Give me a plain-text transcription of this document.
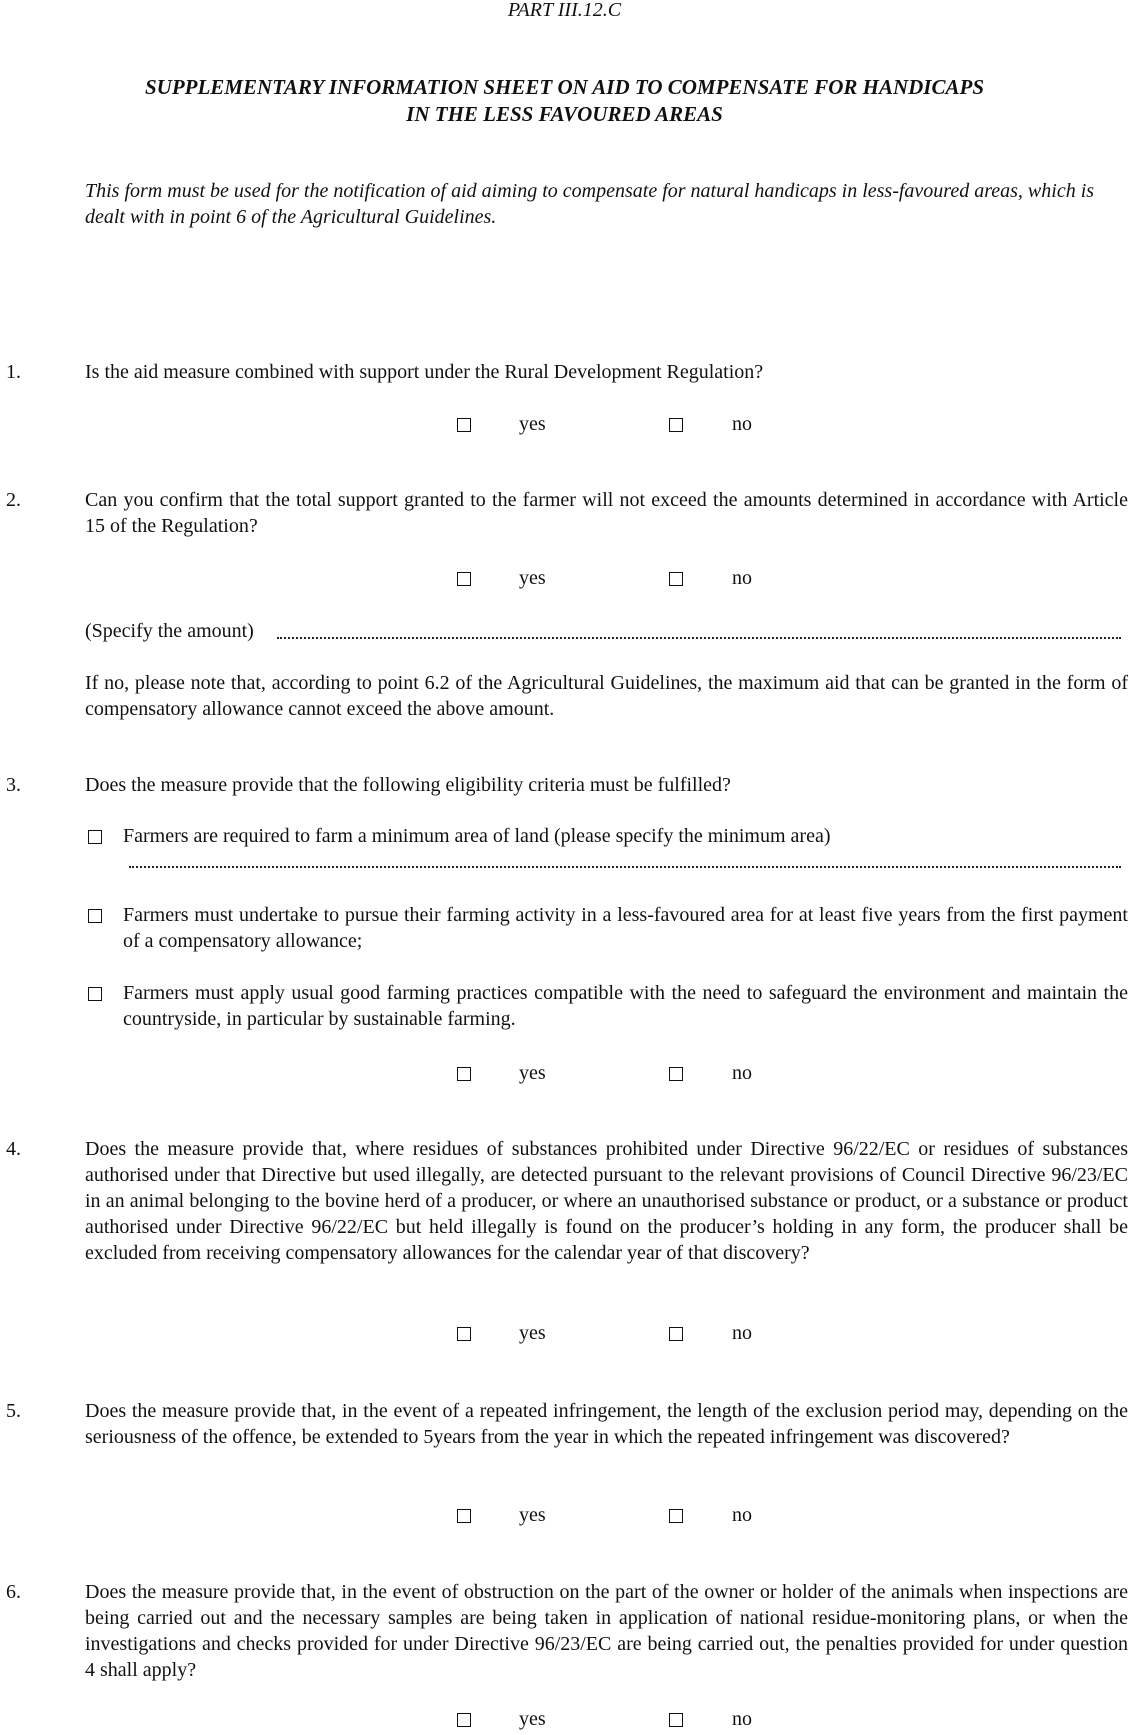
PART III.12.C
SUPPLEMENTARY INFORMATION SHEET ON AID TO COMPENSATE FOR HANDICAPS
IN THE LESS FAVOURED AREAS
This form must be used for the notification of aid aiming to compensate for natural handicaps in less-favoured areas, which is dealt with in point 6 of the Agricultural Guidelines.
1.	Is the aid measure combined with support under the Rural Development Regulation?
yes	no
2.	Can you confirm that the total support granted to the farmer will not exceed the amounts determined in accordance with Article 15 of the Regulation?
yes	no
(Specify the amount)
If no, please note that, according to point 6.2 of the Agricultural Guidelines, the maximum aid that can be granted in the form of compensatory allowance cannot exceed the above amount.
3.	Does the measure provide that the following eligibility criteria must be fulfilled?
Farmers are required to farm a minimum area of land (please specify the minimum area)
Farmers must undertake to pursue their farming activity in a less-favoured area for at least five years from the first payment of a compensatory allowance;
Farmers must apply usual good farming practices compatible with the need to safeguard the environment and maintain the countryside, in particular by sustainable farming.
yes	no
4.	Does the measure provide that, where residues of substances prohibited under Directive 96/22/EC or residues of substances authorised under that Directive but used illegally, are detected pursuant to the relevant provisions of Council Directive 96/23/EC in an animal belonging to the bovine herd of a producer, or where an unauthorised substance or product, or a substance or product authorised under Directive 96/22/EC but held illegally is found on the producer’s holding in any form, the producer shall be excluded from receiving compensatory allowances for the calendar year of that discovery?
yes	no
5.	Does the measure provide that, in the event of a repeated infringement, the length of the exclusion period may, depending on the seriousness of the offence, be extended to 5years from the year in which the repeated infringement was discovered?
yes	no
6.	Does the measure provide that, in the event of obstruction on the part of the owner or holder of the animals when inspections are being carried out and the necessary samples are being taken in application of national residue-monitoring plans, or when the investigations and checks provided for under Directive 96/23/EC are being carried out, the penalties provided for under question 4 shall apply?
yes	no
